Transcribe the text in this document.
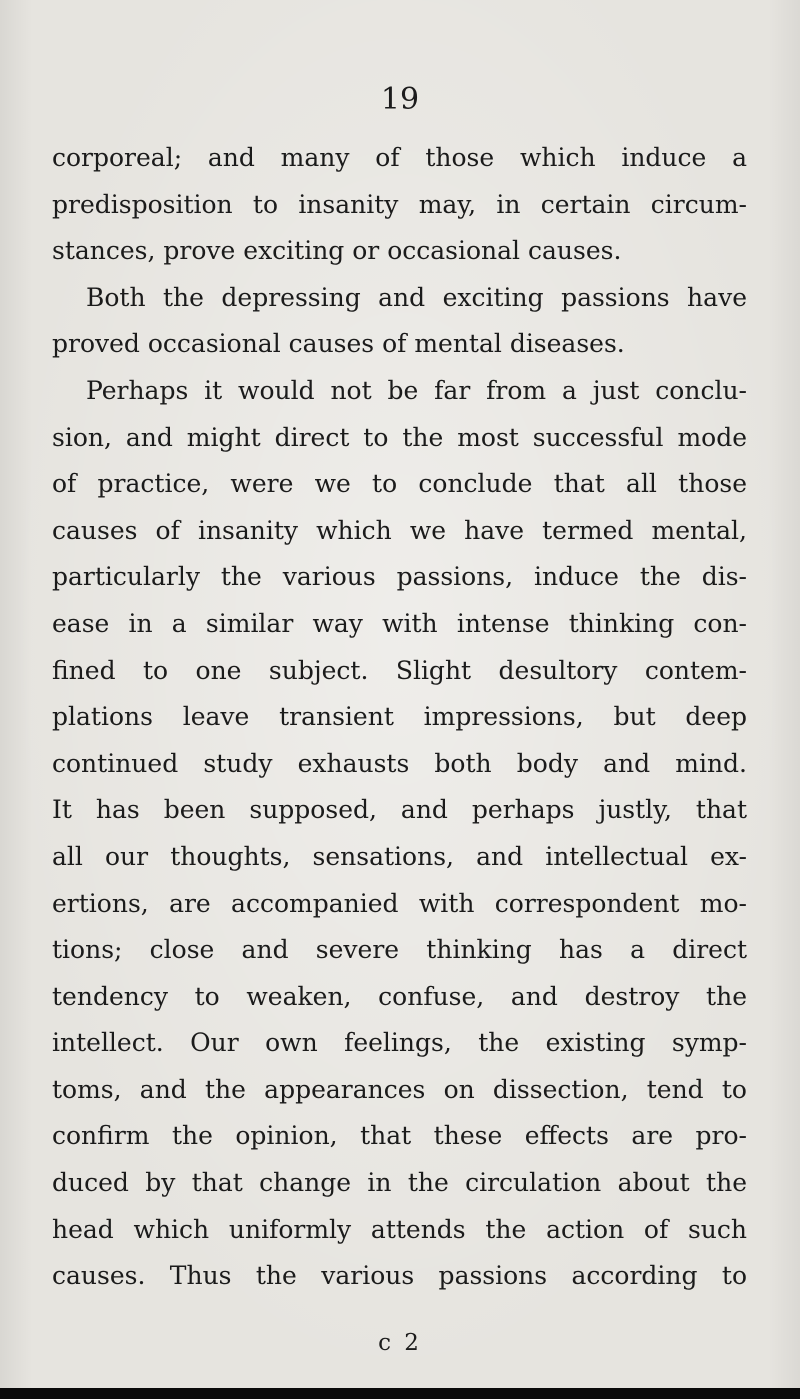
19
corporeal; and many of those which induce a
predisposition to insanity may, in certain circum-
stances, prove exciting or occasional causes.
Both the depressing and exciting passions have
proved occasional causes of mental diseases.
Perhaps it would not be far from a just conclu-
sion, and might direct to the most successful mode
of practice, were we to conclude that all those
causes of insanity which we have termed mental,
particularly the various passions, induce the dis-
ease in a similar way with intense thinking con-
fined to one subject. Slight desultory contem-
plations leave transient impressions, but deep
continued study exhausts both body and mind.
It has been supposed, and perhaps justly, that
all our thoughts, sensations, and intellectual ex-
ertions, are accompanied with correspondent mo-
tions; close and severe thinking has a direct
tendency to weaken, confuse, and destroy the
intellect. Our own feelings, the existing symp-
toms, and the appearances on dissection, tend to
confirm the opinion, that these effects are pro-
duced by that change in the circulation about the
head which uniformly attends the action of such
causes. Thus the various passions according to
c 2
